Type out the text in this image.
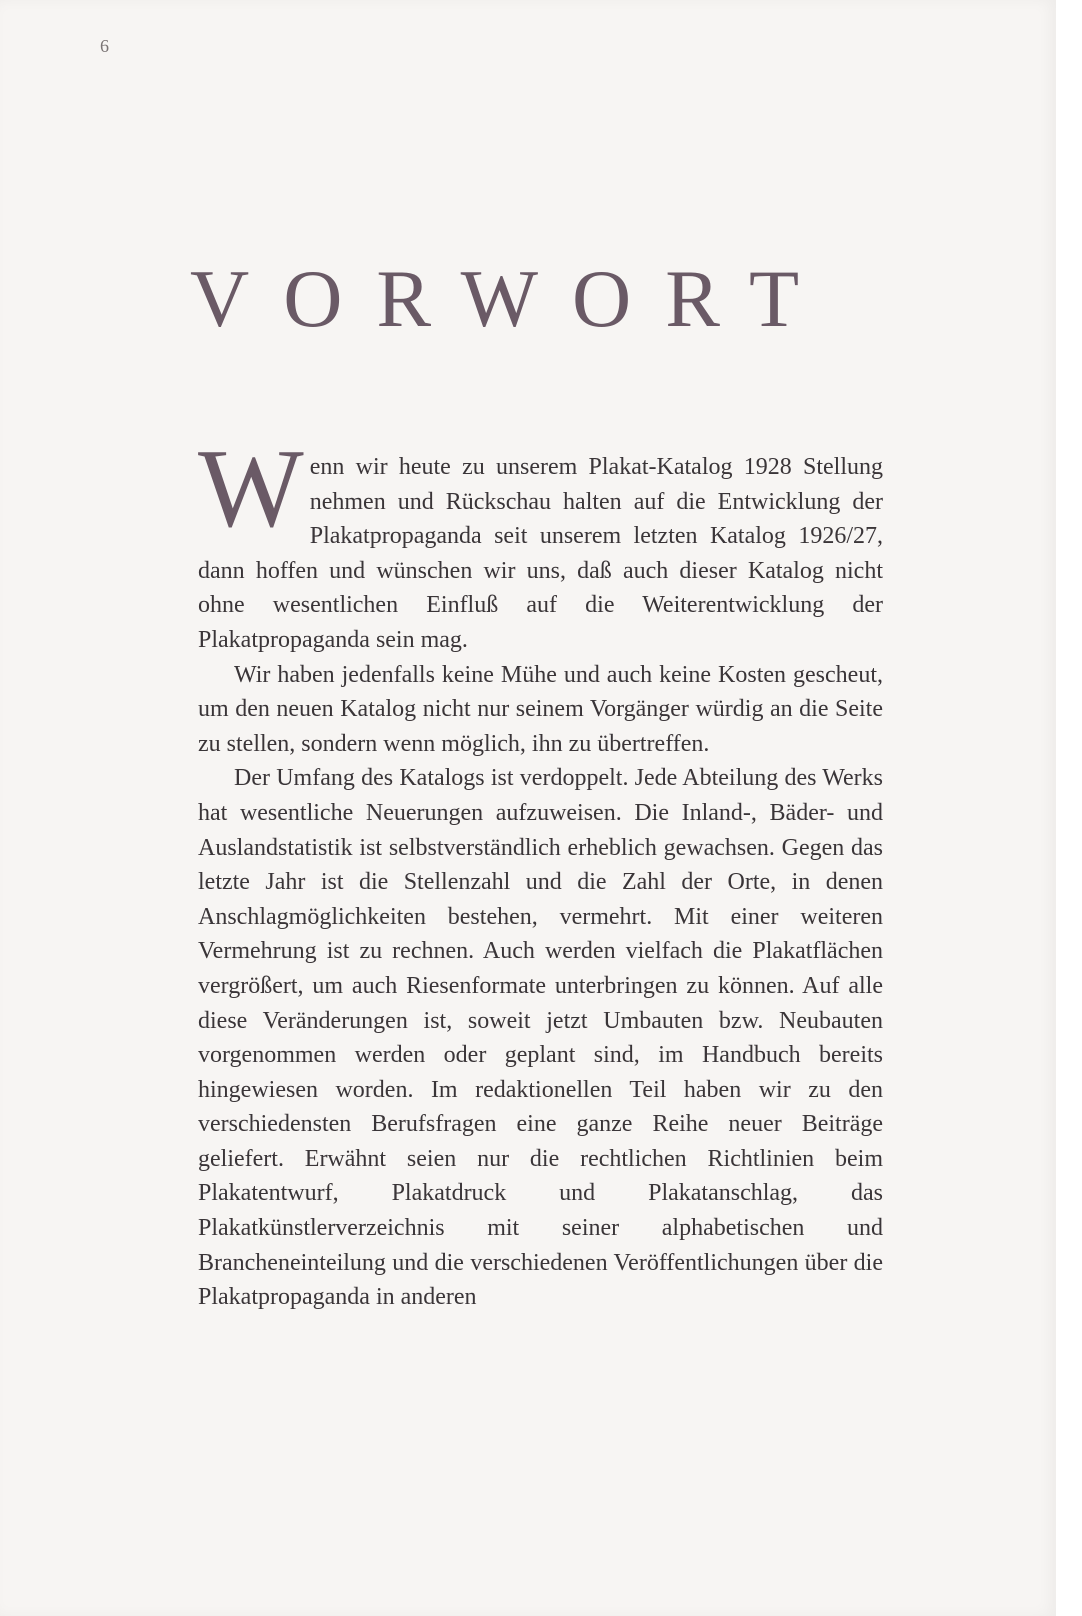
6
VORWORT

Wenn wir heute zu unserem Plakat-Katalog 1928 Stellung nehmen und Rückschau halten auf die Entwicklung der Plakatpropaganda seit unserem letzten Katalog 1926/27, dann hoffen und wünschen wir uns, daß auch dieser Katalog nicht ohne wesentlichen Einfluß auf die Weiterentwicklung der Plakatpropaganda sein mag.

Wir haben jedenfalls keine Mühe und auch keine Kosten gescheut, um den neuen Katalog nicht nur seinem Vorgänger würdig an die Seite zu stellen, sondern wenn möglich, ihn zu übertreffen.

Der Umfang des Katalogs ist verdoppelt. Jede Abteilung des Werks hat wesentliche Neuerungen aufzuweisen. Die Inland-, Bäder- und Auslandstatistik ist selbstverständlich erheblich gewachsen. Gegen das letzte Jahr ist die Stellenzahl und die Zahl der Orte, in denen Anschlagmöglichkeiten bestehen, vermehrt. Mit einer weiteren Vermehrung ist zu rechnen. Auch werden vielfach die Plakatflächen vergrößert, um auch Riesenformate unterbringen zu können. Auf alle diese Veränderungen ist, soweit jetzt Umbauten bzw. Neubauten vorgenommen werden oder geplant sind, im Handbuch bereits hingewiesen worden. Im redaktionellen Teil haben wir zu den verschiedensten Berufsfragen eine ganze Reihe neuer Beiträge geliefert. Erwähnt seien nur die rechtlichen Richtlinien beim Plakatentwurf, Plakatdruck und Plakatanschlag, das Plakatkünstlerverzeichnis mit seiner alphabetischen und Brancheneinteilung und die verschiedenen Veröffentlichungen über die Plakatpropaganda in anderen
